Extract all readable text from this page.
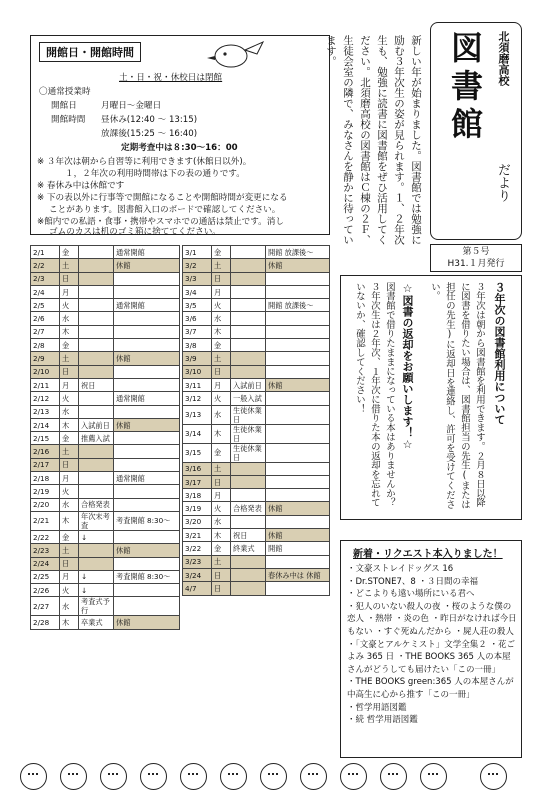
開館日・開館時間
土・日・祝・休校日は閉館
〇通常授業時
開館日	月曜日〜金曜日
開館時間 昼休み(12:40 〜 13:15)
放課後(15:25 〜 16:40)
定期考査中は８:30〜16：00
※ ３年次は朝から自習等に利用できます(休館日以外)。
１，２年次の利用時間帯は下の表の通りです。
※ 春休み中は休館です
※ 下の表以外に行事等で開館になることや開館時間が変更になる
ことがあります。図書館入口のボードで確認してください。
※館内での私語・食事・携帯やスマホでの通話は禁止です。消し
ゴムのカスは机のゴミ箱に捨ててください。	新しい年が始まりました。図書館では勉強に励む３年次生の姿が見られます。１、２年次生も、勉強に読書に図書館をぜひ活用してください。北須磨高校の図書館はＣ棟の２Ｆ、生徒会室の隣で、みなさんを静かに待っています。	北須磨高校
図
書
館
だより
第５号
H31.１月発行
2/1	金		通常開館
2/2	土		休館
2/3	日		
2/4	月		
2/5	火		通常開館
2/6	水		
2/7	木		
2/8	金		
2/9	土		休館
2/10	日		
2/11	月	祝日	
2/12	火		通常開館
2/13	水		
2/14	木	入試前日	休館
2/15	金	推薦入試	
2/16	土		
2/17	日		
2/18	月		通常開館
2/19	火		
2/20	水	合格発表	
2/21	木	年次末考査	考査開館 8:30〜
2/22	金	↓	
2/23	土		休館
2/24	日		
2/25	月	↓	考査開館 8:30〜
2/26	火	↓	
2/27	水	考査式予行	
2/28	木	卒業式	休館
3/1	金		開館 放課後〜
3/2	土		休館
3/3	日		
3/4	月		
3/5	火		開館 放課後〜
3/6	水		
3/7	木		
3/8	金		
3/9	土		
3/10	日		
3/11	月	入試前日	休館
3/12	火	一般入試	
3/13	水	生徒休業日	
3/14	木	生徒休業日	
3/15	金	生徒休業日	
3/16	土		
3/17	日		
3/18	月		
3/19	火	合格発表	休館
3/20	水		
3/21	木	祝日	休館
3/22	金	終業式	開館
3/23	土		
3/24	日		春休み中は 休館
4/7	日		
３年次の図書館利用について
３年次は朝から図書館を利用できます。２月８日以降に図書を借りたい場合は、図書館担当の先生(または担任の先生)に返却日を連絡し、許可を受けてください。
☆図書の返却をお願いします！☆
図書館で借りたままになっている本はありませんか？３年次生は２年次、１年次に借りた本の返却を忘れていないか、確認してください！
新着・リクエスト本入りました！
・文豪ストレイドッグス 16
・Dr.STONE7、8 ・３日間の幸福
・どこよりも遠い場所にいる君へ
・犯人のいない殺人の夜 ・桜のような僕の恋人 ・熱帯 ・炎の色 ・昨日がなければ今日もない ・すぐ死ぬんだから ・屍人荘の殺人 ・「文豪とアルケミスト」文学全集２ ・花ごよみ 365 日 ・THE BOOKS 365 人の本屋さんがどうしても届けたい「この一冊」
・THE BOOKS green:365 人の本屋さんが中高生に心から推す「この一冊」
・哲学用語図鑑
・続 哲学用語図鑑
